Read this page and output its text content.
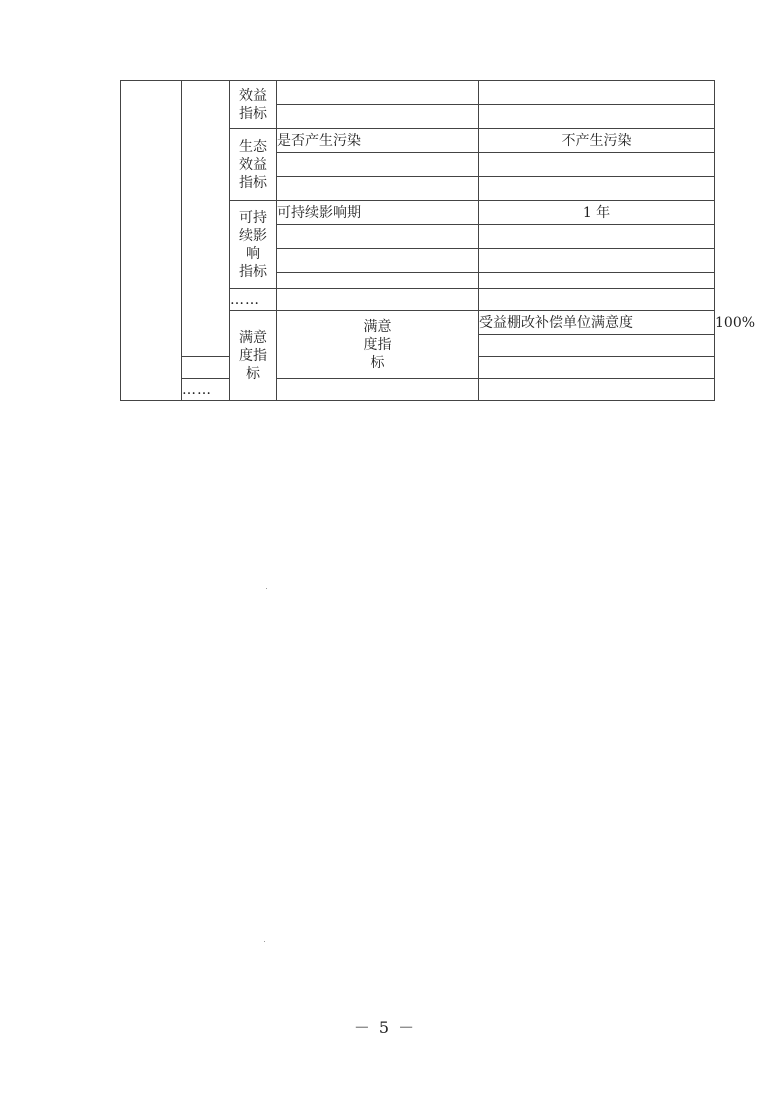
		效益
指标			

		生态
效益
指标	是否产生污染	不产生污染	

		可持
续影
响
指标	可持续影响期	1 年	

		……			
		满意
度指
标	满意
度指
标	受益棚改补偿单位满意度	100%

	……				
－ 5 －
